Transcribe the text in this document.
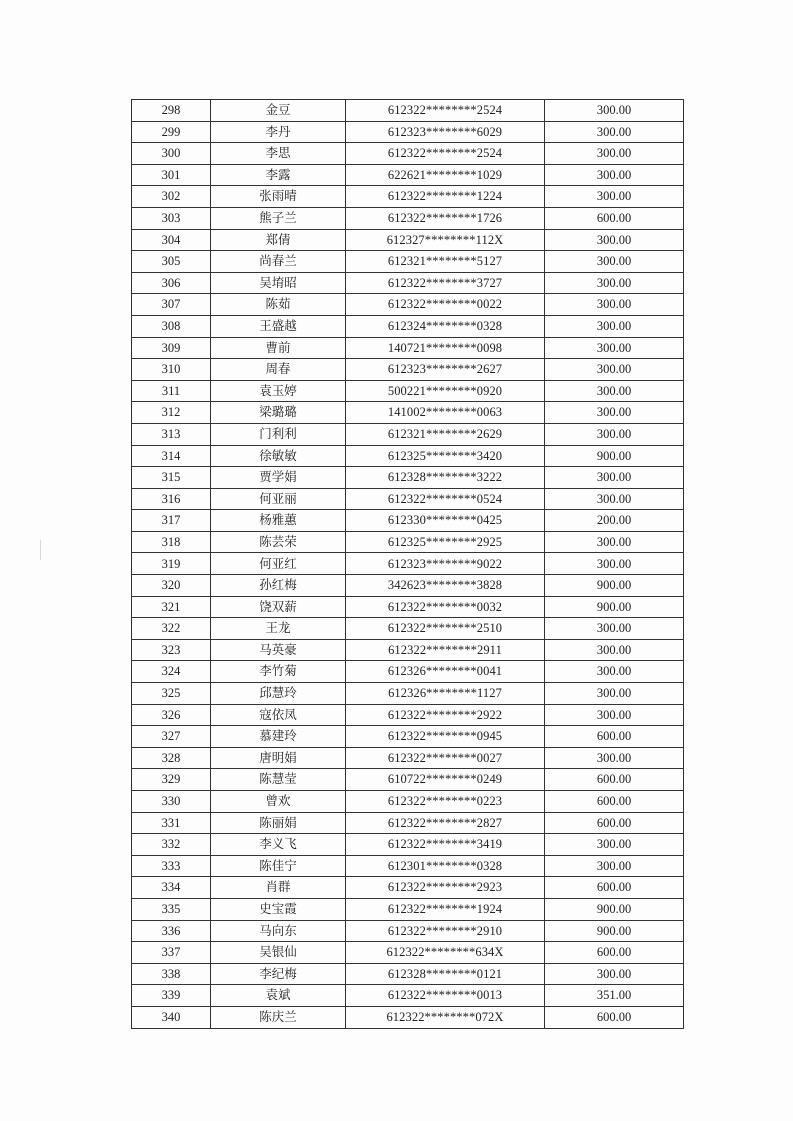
298	金豆	612322********2524	300.00
299	李丹	612323********6029	300.00
300	李思	612322********2524	300.00
301	李露	622621********1029	300.00
302	张雨晴	612322********1224	300.00
303	熊子兰	612322********1726	600.00
304	郑倩	612327********112X	300.00
305	尚春兰	612321********5127	300.00
306	吴堉昭	612322********3727	300.00
307	陈茹	612322********0022	300.00
308	王盛越	612324********0328	300.00
309	曹前	140721********0098	300.00
310	周春	612323********2627	300.00
311	袁玉婷	500221********0920	300.00
312	梁璐璐	141002********0063	300.00
313	门利利	612321********2629	300.00
314	徐敏敏	612325********3420	900.00
315	贾学娟	612328********3222	300.00
316	何亚丽	612322********0524	300.00
317	杨雅蕙	612330********0425	200.00
318	陈芸荣	612325********2925	300.00
319	何亚红	612323********9022	300.00
320	孙红梅	342623********3828	900.00
321	饶双薪	612322********0032	900.00
322	王龙	612322********2510	300.00
323	马英豪	612322********2911	300.00
324	李竹菊	612326********0041	300.00
325	邱慧玲	612326********1127	300.00
326	寇依凤	612322********2922	300.00
327	慕建玲	612322********0945	600.00
328	唐明娟	612322********0027	300.00
329	陈慧莹	610722********0249	600.00
330	曾欢	612322********0223	600.00
331	陈丽娟	612322********2827	600.00
332	李义飞	612322********3419	300.00
333	陈佳宁	612301********0328	300.00
334	肖群	612322********2923	600.00
335	史宝霞	612322********1924	900.00
336	马向东	612322********2910	900.00
337	吴银仙	612322********634X	600.00
338	李纪梅	612328********0121	300.00
339	袁斌	612322********0013	351.00
340	陈庆兰	612322********072X	600.00
